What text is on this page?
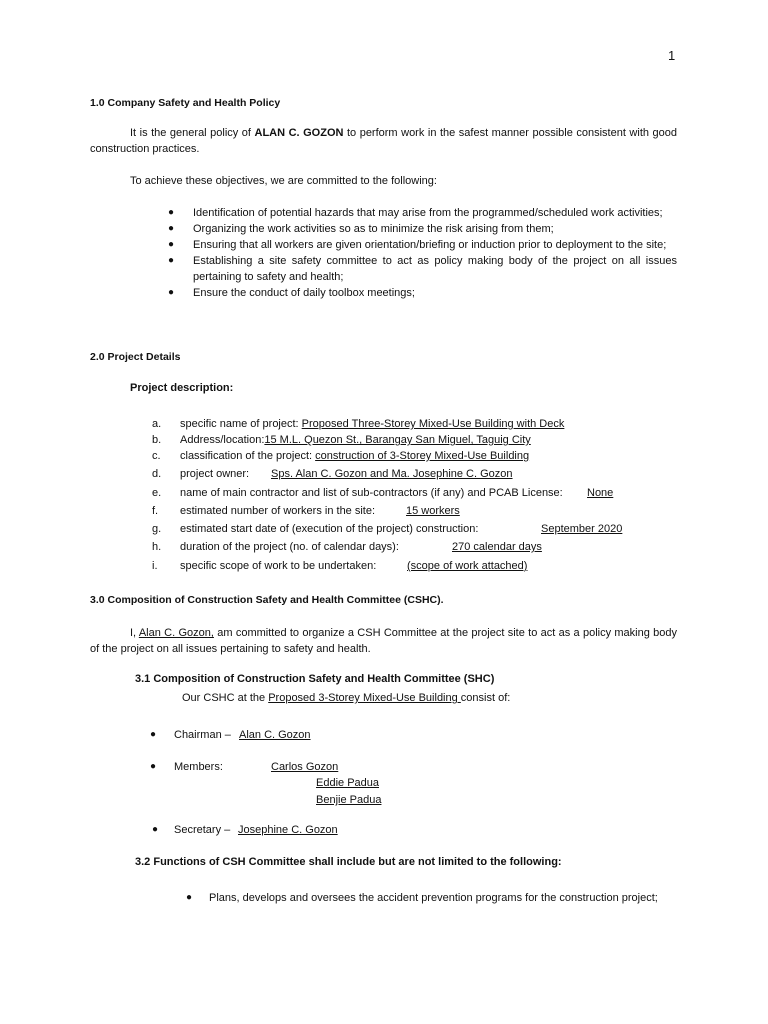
1
1.0 Company Safety and Health Policy
It is the general policy of ALAN C. GOZON to perform work in the safest manner possible consistent with good construction practices.
To achieve these objectives, we are committed to the following:
● Identification of potential hazards that may arise from the programmed/scheduled work activities;
● Organizing the work activities so as to minimize the risk arising from them;
● Ensuring that all workers are given orientation/briefing or induction prior to deployment to the site;
● Establishing a site safety committee to act as policy making body of the project on all issues pertaining to safety and health;
● Ensure the conduct of daily toolbox meetings;
2.0 Project Details
Project description:
a. specific name of project: Proposed Three-Storey Mixed-Use Building with Deck
b. Address/location:15 M.L. Quezon St., Barangay San Miguel, Taguig City
c. classification of the project: construction of 3-Storey Mixed-Use Building
d. project owner: Sps. Alan C. Gozon and Ma. Josephine C. Gozon
e. name of main contractor and list of sub-contractors (if any) and PCAB License: None
f. estimated number of workers in the site:	15 workers
g. estimated start date of (execution of the project) construction:	September 2020
h. duration of the project (no. of calendar days):	270 calendar days
i. specific scope of work to be undertaken:	(scope of work attached)
3.0 Composition of Construction Safety and Health Committee (CSHC).
I, Alan C. Gozon, am committed to organize a CSH Committee at the project site to act as a policy making body of the project on all issues pertaining to safety and health.
3.1 Composition of Construction Safety and Health Committee (SHC)
Our CSHC at the Proposed 3-Storey Mixed-Use Building consist of:
● Chairman – Alan C. Gozon
● Members:	Carlos Gozon
Eddie Padua
Benjie Padua
● Secretary – Josephine C. Gozon
3.2 Functions of CSH Committee shall include but are not limited to the following:
● Plans, develops and oversees the accident prevention programs for the construction project;
